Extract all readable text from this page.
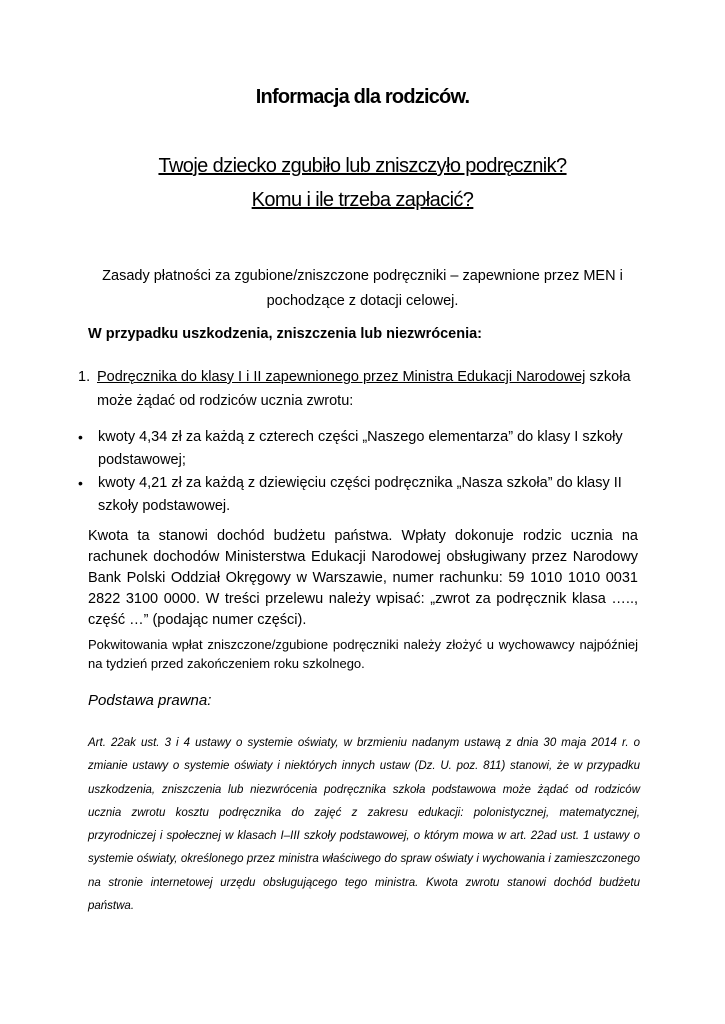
Informacja dla rodziców.
Twoje dziecko zgubiło lub zniszczyło podręcznik?
Komu i ile trzeba zapłacić?
Zasady płatności za zgubione/zniszczone podręczniki – zapewnione przez MEN i pochodzące z dotacji celowej.
W przypadku uszkodzenia, zniszczenia lub niezwrócenia:
1. Podręcznika do klasy I i II zapewnionego przez Ministra Edukacji Narodowej szkoła może żądać od rodziców ucznia zwrotu:
• kwoty 4,34 zł za każdą z czterech części „Naszego elementarza” do klasy I szkoły podstawowej;
• kwoty 4,21 zł za każdą z dziewięciu części podręcznika „Nasza szkoła” do klasy II szkoły podstawowej.
Kwota ta stanowi dochód budżetu państwa. Wpłaty dokonuje rodzic ucznia na rachunek dochodów Ministerstwa Edukacji Narodowej obsługiwany przez Narodowy Bank Polski Oddział Okręgowy w Warszawie, numer rachunku: 59 1010 1010 0031 2822 3100 0000. W treści przelewu należy wpisać: „zwrot za podręcznik klasa ….., część …” (podając numer części).
Pokwitowania wpłat zniszczone/zgubione podręczniki należy złożyć u wychowawcy najpóźniej na tydzień przed zakończeniem roku szkolnego.
Podstawa prawna:
Art. 22ak ust. 3 i 4 ustawy o systemie oświaty, w brzmieniu nadanym ustawą z dnia 30 maja 2014 r. o zmianie ustawy o systemie oświaty i niektórych innych ustaw (Dz. U. poz. 811) stanowi, że w przypadku uszkodzenia, zniszczenia lub niezwrócenia podręcznika szkoła podstawowa może żądać od rodziców ucznia zwrotu kosztu podręcznika do zajęć z zakresu edukacji: polonistycznej, matematycznej, przyrodniczej i społecznej w klasach I–III szkoły podstawowej, o którym mowa w art. 22ad ust. 1 ustawy o systemie oświaty, określonego przez ministra właściwego do spraw oświaty i wychowania i zamieszczonego na stronie internetowej urzędu obsługującego tego ministra. Kwota zwrotu stanowi dochód budżetu państwa.
